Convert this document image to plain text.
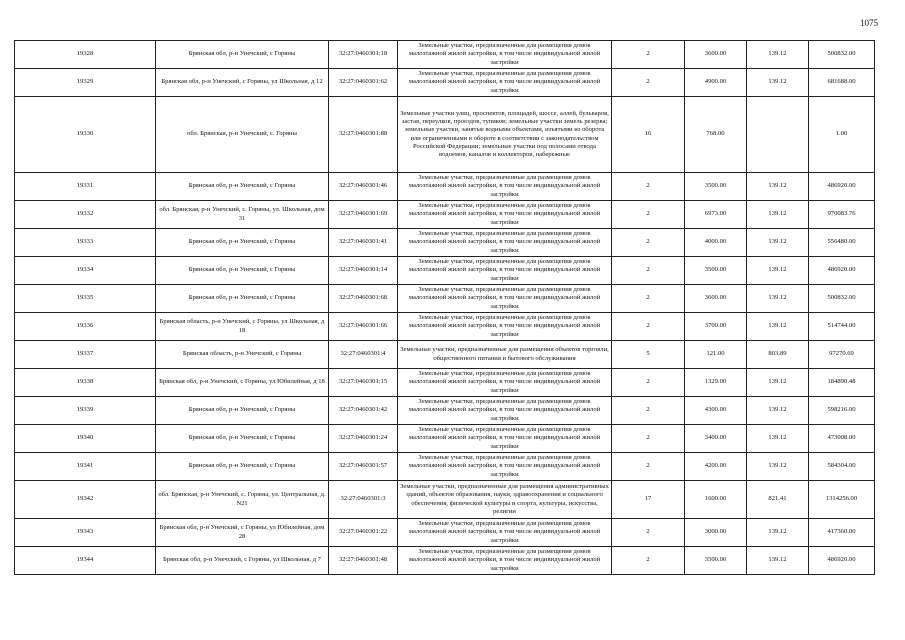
1075
19328	Брянская обл, р-н Унечский, с Горяны	32:27:0460301:18	Земельные участки, предназначенные для размещения домов малоэтажной жилой застройки, в том числе индивидуальной жилой застройки	2	3600.00	139.12	500832.00
19329	Брянская обл, р-н Унечский, с Горяны, ул Школьная, д 12	32:27:0460301:62	Земельные участки, предназначенные для размещения домов малоэтажной жилой застройки, в том числе индивидуальной жилой застройки	2	4900.00	139.12	681688.00
19330	обл. Брянская, р-н Унечский, с. Горяны	32:27:0460301:88	Земельные участки улиц, проспектов, площадей, шоссе, аллей, бульваров, застав, переулков, проездов, тупиков; земельные участки земель резерва; земельные участки, занятые водными объектами, изъятыми из оборота или ограниченными в обороте в соответствии с законодательством Российской Федерации; земельные участки под полосами отвода водоемов, каналов и коллекторов, набережные	16	768.00		1.00
19331	Брянская обл, р-н Унечский, с Горяны	32:27:0460301:46	Земельные участки, предназначенные для размещения домов малоэтажной жилой застройки, в том числе индивидуальной жилой застройки	2	3500.00	139.12	486920.00
19332	обл. Брянская, р-н Унечский, с. Горяны, ул. Школьная, дом 31	32:27:0460301:69	Земельные участки, предназначенные для размещения домов малоэтажной жилой застройки, в том числе индивидуальной жилой застройки	2	6973.00	139.12	970083.76
19333	Брянская обл, р-н Унечский, с Горяны	32:27:0460301:41	Земельные участки, предназначенные для размещения домов малоэтажной жилой застройки, в том числе индивидуальной жилой застройки	2	4000.00	139.12	556480.00
19334	Брянская обл, р-н Унечский, с Горяны	32:27:0460301:14	Земельные участки, предназначенные для размещения домов малоэтажной жилой застройки, в том числе индивидуальной жилой застройки	2	3500.00	139.12	486920.00
19335	Брянская обл, р-н Унечский, с Горяны	32:27:0460301:68	Земельные участки, предназначенные для размещения домов малоэтажной жилой застройки, в том числе индивидуальной жилой застройки	2	3600.00	139.12	500832.00
19336	Брянская область, р-н Унечский, с Горяны, ул Школьная, д 18	32:27:0460301:66	Земельные участки, предназначенные для размещения домов малоэтажной жилой застройки, в том числе индивидуальной жилой застройки	2	3700.00	139.12	514744.00
19337	Брянская область, р-н Унечский, с Горяны	32:27:0460301:4	Земельные участки, предназначенные для размещения объектов торговли, общественного питания и бытового обслуживания	5	121.00	803.89	97270.69
19338	Брянская обл, р-н Унечский, с Горяны, ул Юбилейная, д 18	32:27:0460301:15	Земельные участки, предназначенные для размещения домов малоэтажной жилой застройки, в том числе индивидуальной жилой застройки	2	1329.00	139.12	184890.48
19339	Брянская обл, р-н Унечский, с Горяны	32:27:0460301:42	Земельные участки, предназначенные для размещения домов малоэтажной жилой застройки, в том числе индивидуальной жилой застройки	2	4300.00	139.12	598216.00
19340	Брянская обл, р-н Унечский, с Горяны	32:27:0460301:24	Земельные участки, предназначенные для размещения домов малоэтажной жилой застройки, в том числе индивидуальной жилой застройки	2	3400.00	139.12	473008.00
19341	Брянская обл, р-н Унечский, с Горяны	32:27:0460301:57	Земельные участки, предназначенные для размещения домов малоэтажной жилой застройки, в том числе индивидуальной жилой застройки	2	4200.00	139.12	584304.00
19342	обл. Брянская, р-н Унечский, с. Горяны, ул. Центральная, д. N21	32:27:0460301:3	Земельные участки, предназначенные для размещения административных зданий, объектов образования, науки, здравоохранения и социального обеспечения, физической культуры и спорта, культуры, искусства, религии	17	1600.00	821.41	1314256.00
19343	Брянская обл, р-н Унечский, с Горяны, ул Юбилейная, дом 28	32:27:0460301:22	Земельные участки, предназначенные для размещения домов малоэтажной жилой застройки, в том числе индивидуальной жилой застройки	2	3000.00	139.12	417360.00
19344	Брянская обл, р-н Унечский, с Горяны, ул Школьная, д 7	32:27:0460301:48	Земельные участки, предназначенные для размещения домов малоэтажной жилой застройки, в том числе индивидуальной жилой застройки	2	3500.00	139.12	486920.00
